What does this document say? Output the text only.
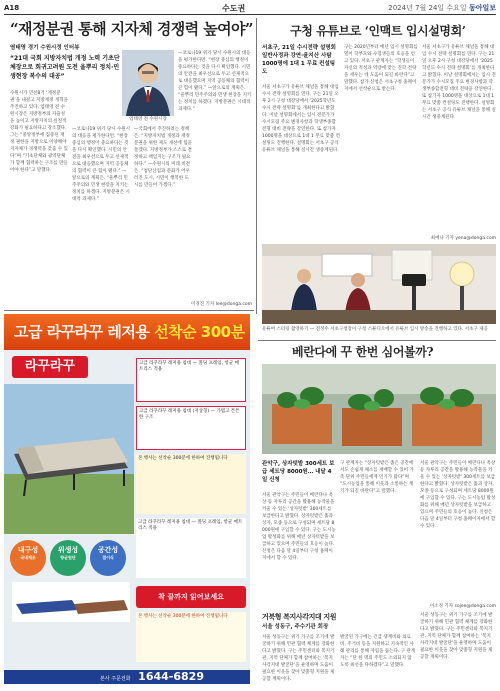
A18	수도권	2024년 7월 24일 수요일 동아일보
“재정분권 통해 지자체 경쟁력 높여야”
염태영 경기 수원시정 인터뷰
“21대 국회 지방자치법 개정 노력 기초단체장으로 회귀고려원 도전 울뿌리 정치·민생현장 복수의 대공”
수원시가 민선8기 ‘재정분권’을 내걸고 지방재정 개혁을 추진하고 있다. 염태영 전 수원시장은 지방정부의 자율성을 높이고 지방자치의 실질적 강화가 필요하다고 강조했다. 그는 “중앙정부에 집중된 재정 권한을 지방으로 이양해야 지자체가 경쟁력을 갖출 수 있다”며 “기초단체와 광역단체가 함께 협력하는 구조를 만들어야 한다”고 말했다.
염태영 전 수원시장
—코로나19 위기 당시 수원시의 대응을 평가한다면. “현장 중심의 행정이 중요하다는 것을 다시 확인했다. 시민의 안전을 최우선으로 두고 선제적으로 대응했으며 지역 공동체의 협력이 큰 힘이 됐다.” —앞으로의 계획은. “울뿌리 민주주의와 민생 현장을 지키는 정치를 하겠다. 지방분권은 시대적 과제다.”
—국회에서 추진하려는 정책은. “지방자치법 개정과 재정분권을 위한 제도 개선에 힘을 쏟겠다. 지방정부가 스스로 결정하고 책임지는 구조가 필요하다.” —수원시의 미래 비전은. “첨단산업과 문화가 어우러진 도시, 시민이 행복한 도시를 만들어 가겠다.”
—코로나19 위기 당시 수원시의 대응을 평가한다면. “현장 중심의 행정이 중요하다는 것을 다시 확인했다. 시민의 안전을 최우선으로 두고 선제적으로 대응했으며 지역 공동체의 협력이 큰 힘이 됐다.” —앞으로의 계획은. “울뿌리 민주주의와 민생 현장을 지키는 정치를 하겠다. 지방분권은 시대적 과제다.”
이경진 기자 lee@donga.com
구청 유튜브로 ‘인맥트 입시설명회’
서초구, 21일 수시전략 설명회 일반사정과 강연·윤지산 사탐 1000명에 1대 1 무료 컨설팅도
서울 서초구가 유튜브 채널을 통해 대입 수시 전략 설명회를 연다. 구는 21일 오후 2시 구청 대강당에서 ‘2025학년도 수시 전략 설명회’를 개최한다고 밝혔다. 이날 설명회에서는 입시 전문가가 수시모집 주요 변경사항과 학생부종합전형 대비 전략을 강연한다. 또 참가자 1000명을 대상으로 1대 1 무료 맞춤 컨설팅도 진행한다. 설명회는 서초구 공식 유튜브 채널을 통해 실시간 생중계된다.
구는 2020년부터 매년 입시 설명회를 열어 학부모와 수험생들의 호응을 얻고 있다. 서초구 관계자는 “학생들이 자신의 적성과 역량에 맞는 진학 전략을 세우는 데 도움이 되길 바란다”고 말했다. 참가 신청은 서초구청 홈페이지에서 선착순으로 받는다.
서울 서초구가 유튜브 채널을 통해 대입 수시 전략 설명회를 연다. 구는 21일 오후 2시 구청 대강당에서 ‘2025학년도 수시 전략 설명회’를 개최한다고 밝혔다. 이날 설명회에서는 입시 전문가가 수시모집 주요 변경사항과 학생부종합전형 대비 전략을 강연한다. 또 참가자 1000명을 대상으로 1대 1 무료 맞춤 컨설팅도 진행한다. 설명회는 서초구 공식 유튜브 채널을 통해 실시간 생중계된다.
최예나 기자 yena@donga.com
유튜버 스터링 촬영하기 — 전성수 서초구청장이 구청 스튜디오에서 유튜브 입시 방송을 진행하고 있다. 서초구 제공
베란다에 꾸 한번 심어볼까?
관악구, 상자텃밭 300세트 보급 세트당 8000원… 내달 4일 신청
서울 관악구는 주민들이 베란다나 옥상 등 자투리 공간을 활용해 농작물을 키울 수 있는 ‘상자텃밭’ 300세트를 보급한다고 밝혔다. 상자텃밭은 흙과 상자, 모종 등으로 구성되며 세트당 8000원에 구입할 수 있다. 구는 도시농업 활성화를 위해 매년 상자텃밭을 보급하고 있으며 주민들의 호응이 높다. 신청은 다음 달 4일부터 구청 홈페이지에서 할 수 있다.
구 관계자는 “상자텃밭은 좁은 공간에서도 손쉽게 채소를 재배할 수 있어 가족 단위 주민들에게 인기가 많다”며 “도시농업을 통해 이웃과 소통하는 계기가 되길 바란다”고 말했다.
서울 관악구는 주민들이 베란다나 옥상 등 자투리 공간을 활용해 농작물을 키울 수 있는 ‘상자텃밭’ 300세트를 보급한다고 밝혔다. 상자텃밭은 흙과 상자, 모종 등으로 구성되며 세트당 8000원에 구입할 수 있다. 구는 도시농업 활성화를 위해 매년 상자텃밭을 보급하고 있으며 주민들의 호응이 높다. 신청은 다음 달 4일부터 구청 홈페이지에서 할 수 있다.
이소정 기자 sojee@donga.com
거북형 복지사각지대 지원
서울 성동구, 주수기관 회장
서울 성동구는 위기 가구를 조기에 발굴하기 위해 민관 협력 체계를 강화한다고 밝혔다. 구는 주민센터와 복지기관, 지역 단체가 함께 참여하는 ‘복지 사각지대 발굴단’을 운영하며 도움이 필요한 이웃을 찾아 맞춤형 지원을 제공할 계획이다.
발굴된 가구에는 긴급 생계비와 의료비, 주거비 등을 지원하고 지속적인 사례 관리를 통해 자립을 돕는다. 구 관계자는 “단 한 명의 주민도 소외되지 않도록 최선을 다하겠다”고 말했다.
서울 성동구는 위기 가구를 조기에 발굴하기 위해 민관 협력 체계를 강화한다고 밝혔다. 구는 주민센터와 복지기관, 지역 단체가 함께 참여하는 ‘복지 사각지대 발굴단’을 운영하며 도움이 필요한 이웃을 찾아 맞춤형 지원을 제공할 계획이다.
고급 라꾸라꾸 레저용 선착순 300분
라꾸라꾸
내구성
국내제조
위생성
항균원단
공간성
접이식
고급 라꾸라꾸 레저용 침대 — 폴딩 프레임, 항균 매트리스 적용
고급 라꾸라꾸 레저용 침대 (저상형) — 가볍고 튼튼한 구조
본 행사는 선착순 300분에 한하여 진행됩니다
고급 라꾸라꾸 레저용 침대 — 폴딩 프레임, 항균 매트리스 적용
착 끝까지 읽어보세요
본 행사는 선착순 300분에 한하여 진행됩니다
본사 주문전화 1644-6829
